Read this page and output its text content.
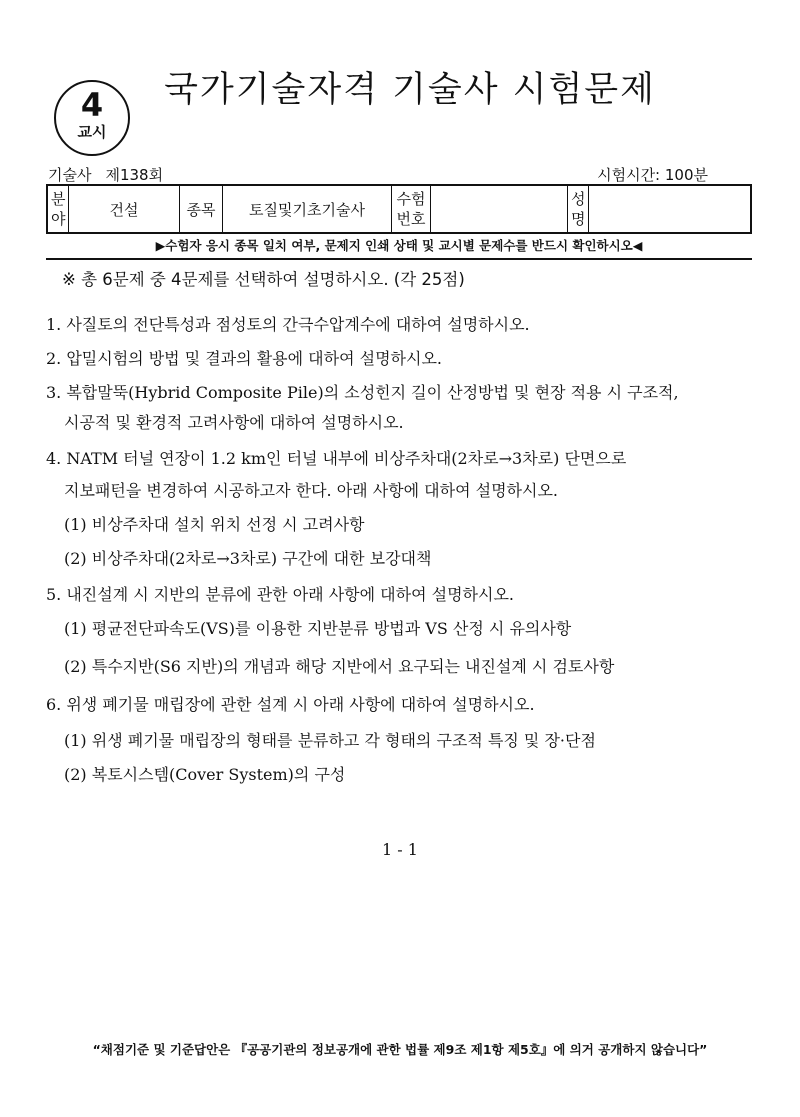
4
교시
국가기술자격 기술사 시험문제
기술사 제138회	시험시간: 100분
분야	건설	종목	토질및기초기술사	수험번호		성명	
▶수험자 응시 종목 일치 여부, 문제지 인쇄 상태 및 교시별 문제수를 반드시 확인하시오◀
※ 총 6문제 중 4문제를 선택하여 설명하시오. (각 25점)
1. 사질토의 전단특성과 점성토의 간극수압계수에 대하여 설명하시오.
2. 압밀시험의 방법 및 결과의 활용에 대하여 설명하시오.
3. 복합말뚝(Hybrid Composite Pile)의 소성힌지 길이 산정방법 및 현장 적용 시 구조적,
시공적 및 환경적 고려사항에 대하여 설명하시오.
4. NATM 터널 연장이 1.2 km인 터널 내부에 비상주차대(2차로→3차로) 단면으로
지보패턴을 변경하여 시공하고자 한다. 아래 사항에 대하여 설명하시오.
(1) 비상주차대 설치 위치 선정 시 고려사항
(2) 비상주차대(2차로→3차로) 구간에 대한 보강대책
5. 내진설계 시 지반의 분류에 관한 아래 사항에 대하여 설명하시오.
(1) 평균전단파속도(VS)를 이용한 지반분류 방법과 VS 산정 시 유의사항
(2) 특수지반(S6 지반)의 개념과 해당 지반에서 요구되는 내진설계 시 검토사항
6. 위생 폐기물 매립장에 관한 설계 시 아래 사항에 대하여 설명하시오.
(1) 위생 폐기물 매립장의 형태를 분류하고 각 형태의 구조적 특징 및 장·단점
(2) 복토시스템(Cover System)의 구성
1 - 1
“채점기준 및 기준답안은 『공공기관의 정보공개에 관한 법률 제9조 제1항 제5호』에 의거 공개하지 않습니다”
